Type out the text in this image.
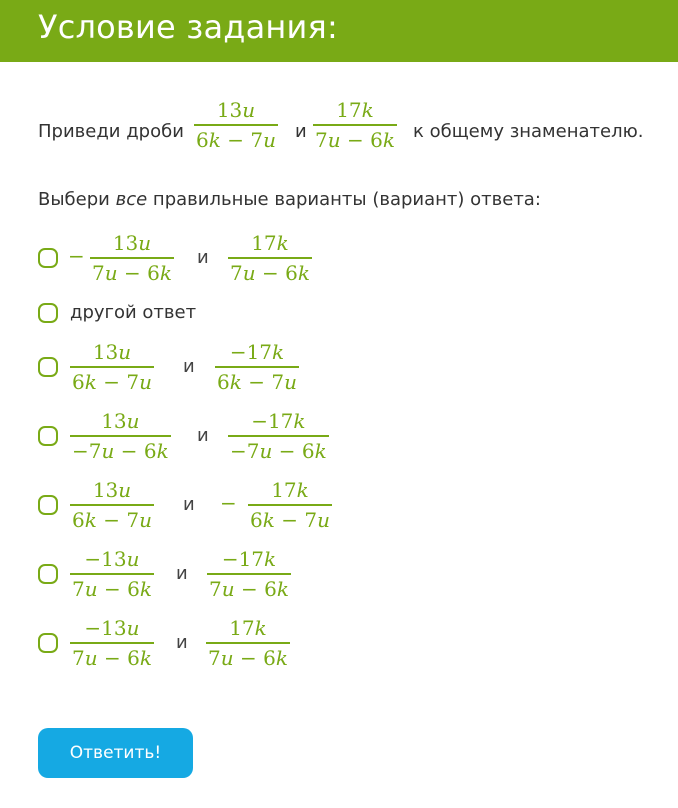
Условие задания:
Приведи дроби
13u
6k − 7u и
17k
7u − 6k к общему знаменателю.
Выбери все правильные варианты (вариант) ответа:
−
13u
7u − 6k
и
17k
7u − 6k
другой ответ
13u
6k − 7u
и
−17k
6k − 7u
13u
−7u − 6k
и
−17k
−7u − 6k
13u
6k − 7u
и −
17k
6k − 7u
−13u
7u − 6k
и
−17k
7u − 6k
−13u
7u − 6k
и
17k
7u − 6k
Ответить!
